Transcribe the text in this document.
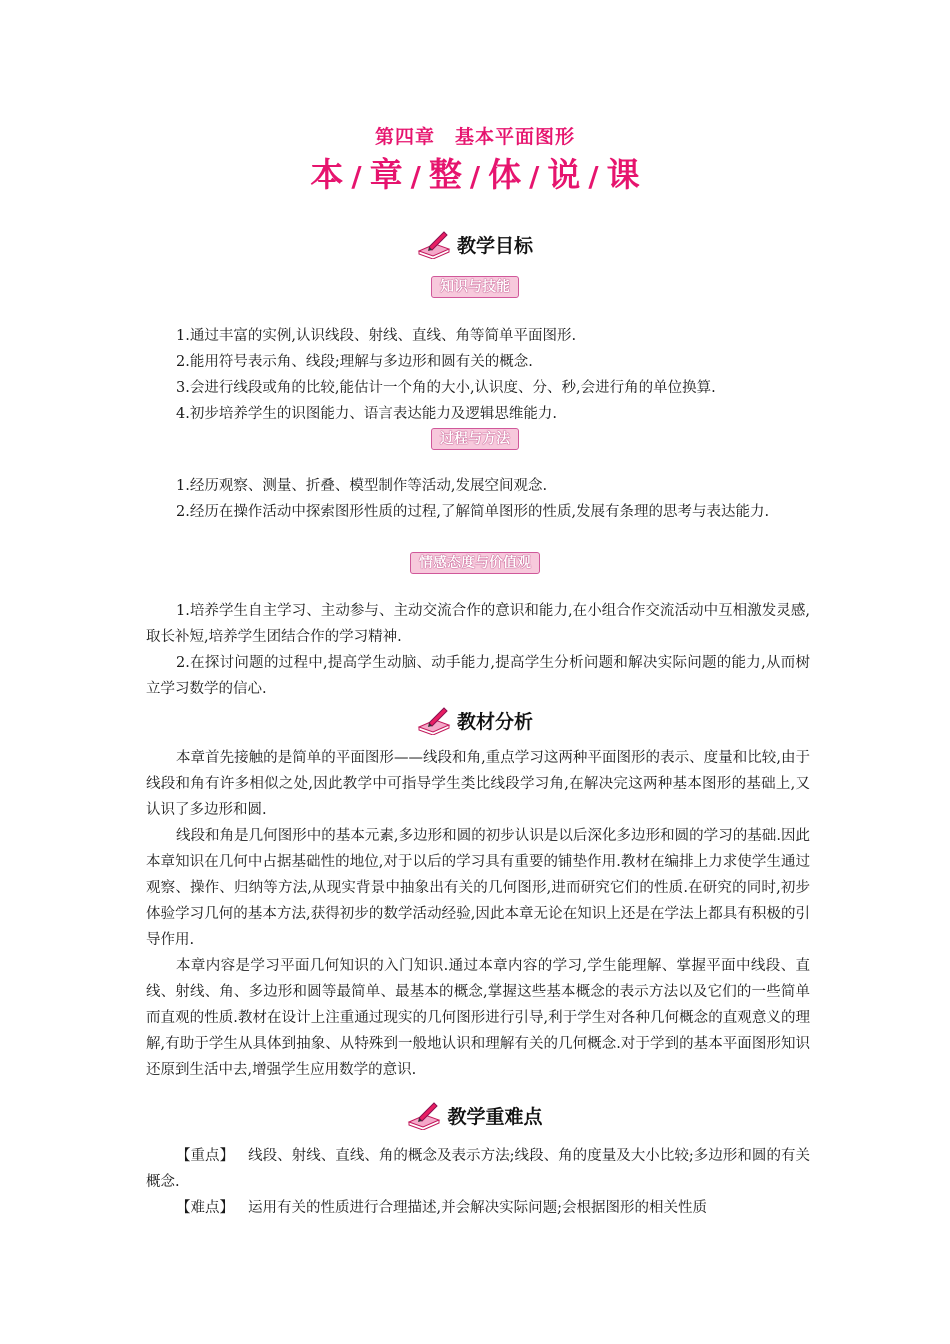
第四章　基本平面图形
本 / 章 / 整 / 体 / 说 / 课
教学目标
知识与技能

1.通过丰富的实例,认识线段、射线、直线、角等简单平面图形.

2.能用符号表示角、线段;理解与多边形和圆有关的概念.

3.会进行线段或角的比较,能估计一个角的大小,认识度、分、秒,会进行角的单位换算.

4.初步培养学生的识图能力、语言表达能力及逻辑思维能力.

过程与方法

1.经历观察、测量、折叠、模型制作等活动,发展空间观念.

2.经历在操作活动中探索图形性质的过程,了解简单图形的性质,发展有条理的思考与表达能力.

情感态度与价值观

1.培养学生自主学习、主动参与、主动交流合作的意识和能力,在小组合作交流活动中互相激发灵感,取长补短,培养学生团结合作的学习精神.

2.在探讨问题的过程中,提高学生动脑、动手能力,提高学生分析问题和解决实际问题的能力,从而树立学习数学的信心.

教材分析

本章首先接触的是简单的平面图形——线段和角,重点学习这两种平面图形的表示、度量和比较,由于线段和角有许多相似之处,因此教学中可指导学生类比线段学习角,在解决完这两种基本图形的基础上,又认识了多边形和圆.

线段和角是几何图形中的基本元素,多边形和圆的初步认识是以后深化多边形和圆的学习的基础.因此本章知识在几何中占据基础性的地位,对于以后的学习具有重要的铺垫作用.教材在编排上力求使学生通过观察、操作、归纳等方法,从现实背景中抽象出有关的几何图形,进而研究它们的性质.在研究的同时,初步体验学习几何的基本方法,获得初步的数学活动经验,因此本章无论在知识上还是在学法上都具有积极的引导作用.

本章内容是学习平面几何知识的入门知识.通过本章内容的学习,学生能理解、掌握平面中线段、直线、射线、角、多边形和圆等最简单、最基本的概念,掌握这些基本概念的表示方法以及它们的一些简单而直观的性质.教材在设计上注重通过现实的几何图形进行引导,利于学生对各种几何概念的直观意义的理解,有助于学生从具体到抽象、从特殊到一般地认识和理解有关的几何概念.对于学到的基本平面图形知识还原到生活中去,增强学生应用数学的意识.

教学重难点

【重点】 线段、射线、直线、角的概念及表示方法;线段、角的度量及大小比较;多边形和圆的有关概念.

【难点】 运用有关的性质进行合理描述,并会解决实际问题;会根据图形的相关性质
